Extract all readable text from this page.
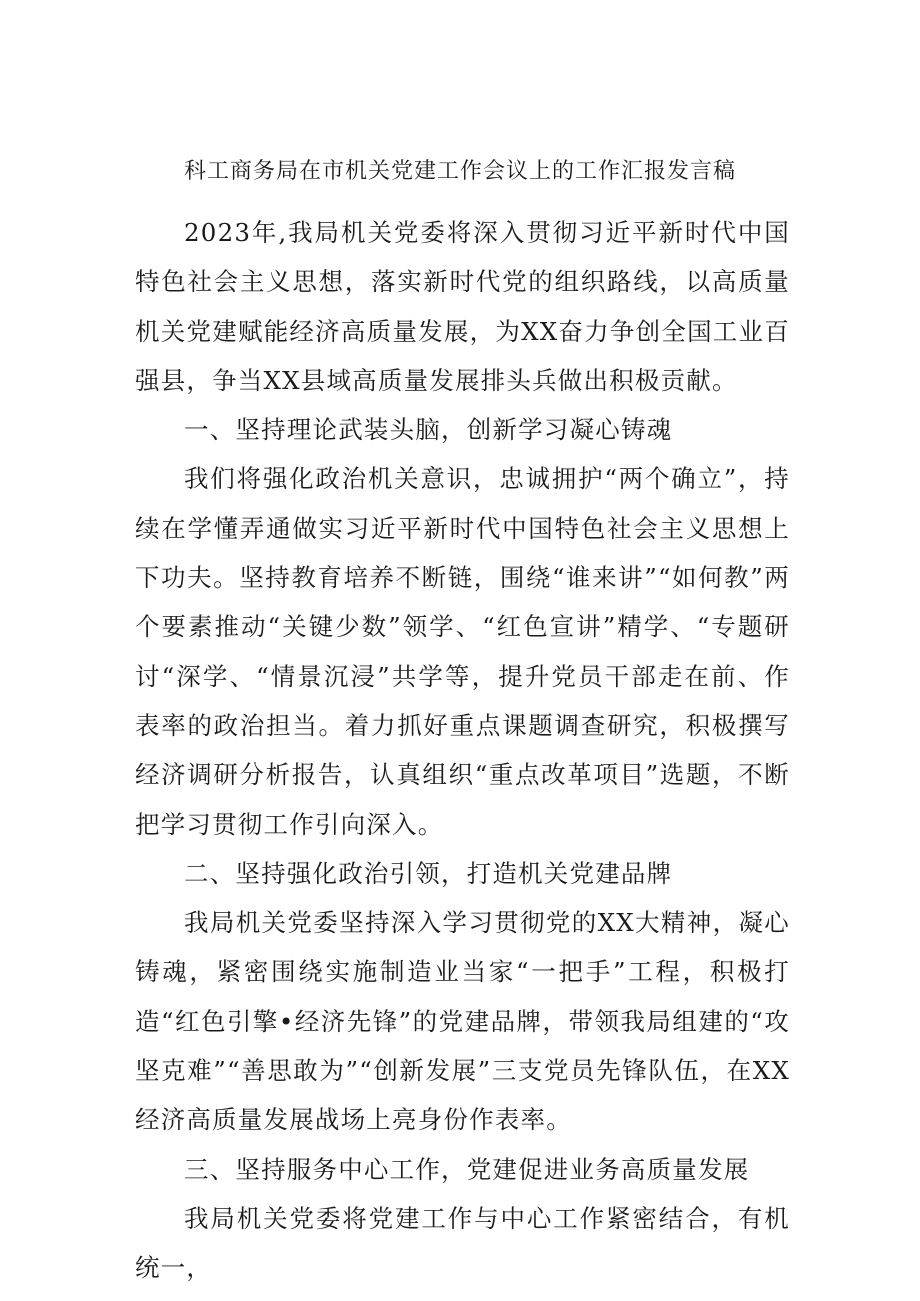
科工商务局在市机关党建工作会议上的工作汇报发言稿

2023年,我局机关党委将深入贯彻习近平新时代中国特色社会主义思想，落实新时代党的组织路线，以高质量机关党建赋能经济高质量发展，为XX奋力争创全国工业百强县，争当XX县域高质量发展排头兵做出积极贡献。

一、坚持理论武装头脑，创新学习凝心铸魂

我们将强化政治机关意识，忠诚拥护“两个确立”，持续在学懂弄通做实习近平新时代中国特色社会主义思想上下功夫。坚持教育培养不断链，围绕“谁来讲”“如何教”两个要素推动“关键少数”领学、“红色宣讲”精学、“专题研讨“深学、“情景沉浸”共学等，提升党员干部走在前、作表率的政治担当。着力抓好重点课题调查研究，积极撰写经济调研分析报告，认真组织“重点改革项目”选题，不断把学习贯彻工作引向深入。

二、坚持强化政治引领，打造机关党建品牌

我局机关党委坚持深入学习贯彻党的XX大精神，凝心铸魂，紧密围绕实施制造业当家“一把手”工程，积极打造“红色引擎•经济先锋”的党建品牌，带领我局组建的“攻坚克难”“善思敢为”“创新发展”三支党员先锋队伍，在XX经济高质量发展战场上亮身份作表率。

三、坚持服务中心工作，党建促进业务高质量发展

我局机关党委将党建工作与中心工作紧密结合，有机统一，
